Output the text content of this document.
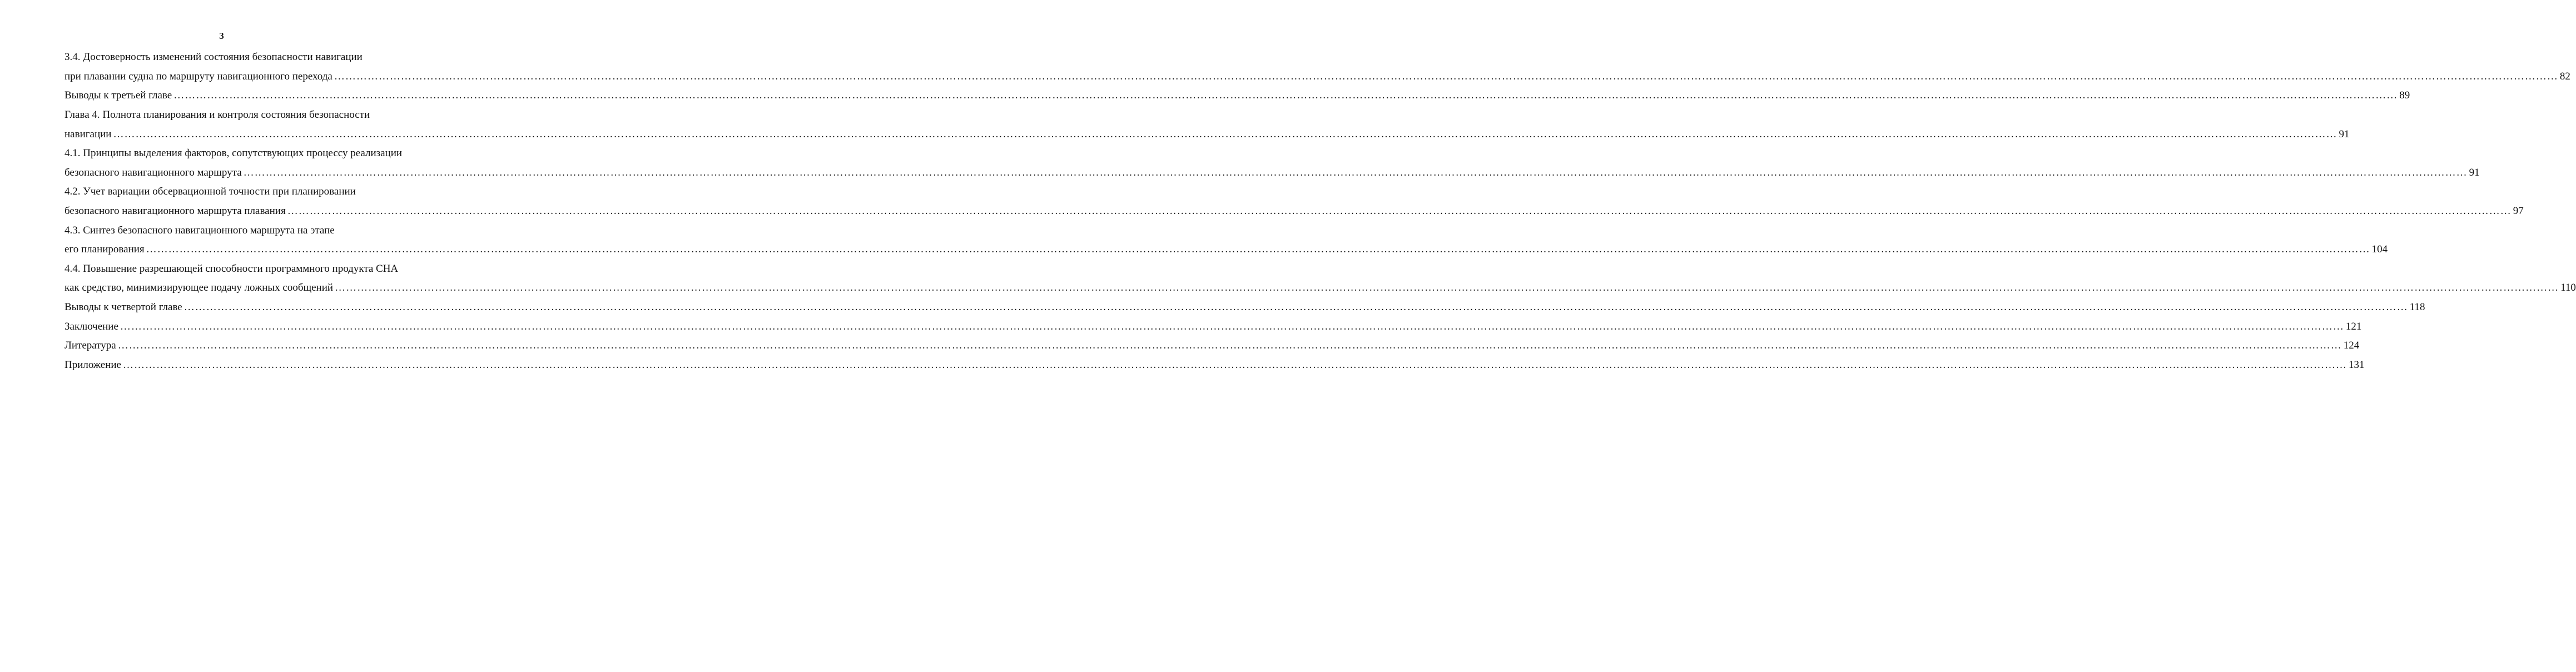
3
3.4. Достоверность изменений состояния безопасности навигации
при плавании судна по маршруту навигационного перехода …………………………………………………………………………………………………………………………………………………………………………………………………………………………………………………………………………………………………………………………………………………………………………………………………………………………………………………………………………………………………………………………………………………… 82
Выводы к третьей главе …………………………………………………………………………………………………………………………………………………………………………………………………………………………………………………………………………………………………………………………………………………………………………………………………………………………………………………………………………………………………………………………………………………… 89
Глава 4. Полнота планирования и контроля состояния безопасности
навигации …………………………………………………………………………………………………………………………………………………………………………………………………………………………………………………………………………………………………………………………………………………………………………………………………………………………………………………………………………………………………………………………………………………… 91
4.1. Принципы выделения факторов, сопутствующих процессу реализации
безопасного навигационного маршрута …………………………………………………………………………………………………………………………………………………………………………………………………………………………………………………………………………………………………………………………………………………………………………………………………………………………………………………………………………………………………………………………………………………… 91
4.2. Учет вариации обсервационной точности при планировании
безопасного навигационного маршрута плавания …………………………………………………………………………………………………………………………………………………………………………………………………………………………………………………………………………………………………………………………………………………………………………………………………………………………………………………………………………………………………………………………………………………… 97
4.3. Синтез безопасного навигационного маршрута на этапе
его планирования …………………………………………………………………………………………………………………………………………………………………………………………………………………………………………………………………………………………………………………………………………………………………………………………………………………………………………………………………………………………………………………………………………………… 104
4.4. Повышение разрешающей способности программного продукта СНА
как средство, минимизирующее подачу ложных сообщений …………………………………………………………………………………………………………………………………………………………………………………………………………………………………………………………………………………………………………………………………………………………………………………………………………………………………………………………………………………………………………………………………………………… 110
Выводы к четвертой главе …………………………………………………………………………………………………………………………………………………………………………………………………………………………………………………………………………………………………………………………………………………………………………………………………………………………………………………………………………………………………………………………………………………… 118
Заключение …………………………………………………………………………………………………………………………………………………………………………………………………………………………………………………………………………………………………………………………………………………………………………………………………………………………………………………………………………………………………………………………………………………… 121
Литература …………………………………………………………………………………………………………………………………………………………………………………………………………………………………………………………………………………………………………………………………………………………………………………………………………………………………………………………………………………………………………………………………………………… 124
Приложение …………………………………………………………………………………………………………………………………………………………………………………………………………………………………………………………………………………………………………………………………………………………………………………………………………………………………………………………………………………………………………………………………………………… 131
